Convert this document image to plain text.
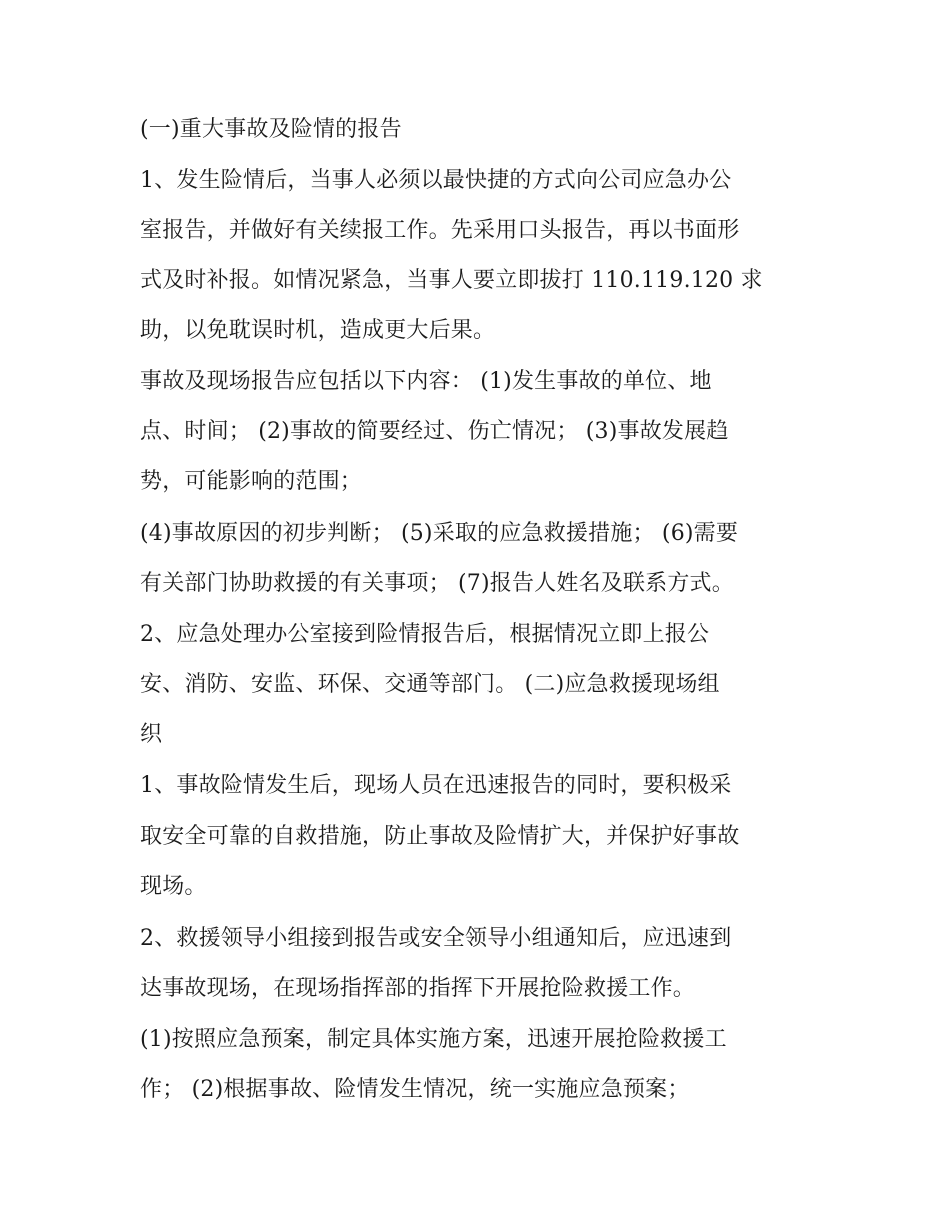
(一)重大事故及险情的报告
1、发生险情后，当事人必须以最快捷的方式向公司应急办公
室报告，并做好有关续报工作。先采用口头报告，再以书面形
式及时补报。如情况紧急，当事人要立即拔打 110.119.120 求
助，以免耽误时机，造成更大后果。
事故及现场报告应包括以下内容： (1)发生事故的单位、地
点、时间； (2)事故的简要经过、伤亡情况； (3)事故发展趋
势，可能影响的范围；
(4)事故原因的初步判断； (5)采取的应急救援措施； (6)需要
有关部门协助救援的有关事项； (7)报告人姓名及联系方式。
2、应急处理办公室接到险情报告后，根据情况立即上报公
安、消防、安监、环保、交通等部门。 (二)应急救援现场组
织
1、事故险情发生后，现场人员在迅速报告的同时，要积极采
取安全可靠的自救措施，防止事故及险情扩大，并保护好事故
现场。
2、救援领导小组接到报告或安全领导小组通知后，应迅速到
达事故现场，在现场指挥部的指挥下开展抢险救援工作。
(1)按照应急预案，制定具体实施方案，迅速开展抢险救援工
作； (2)根据事故、险情发生情况，统一实施应急预案；
